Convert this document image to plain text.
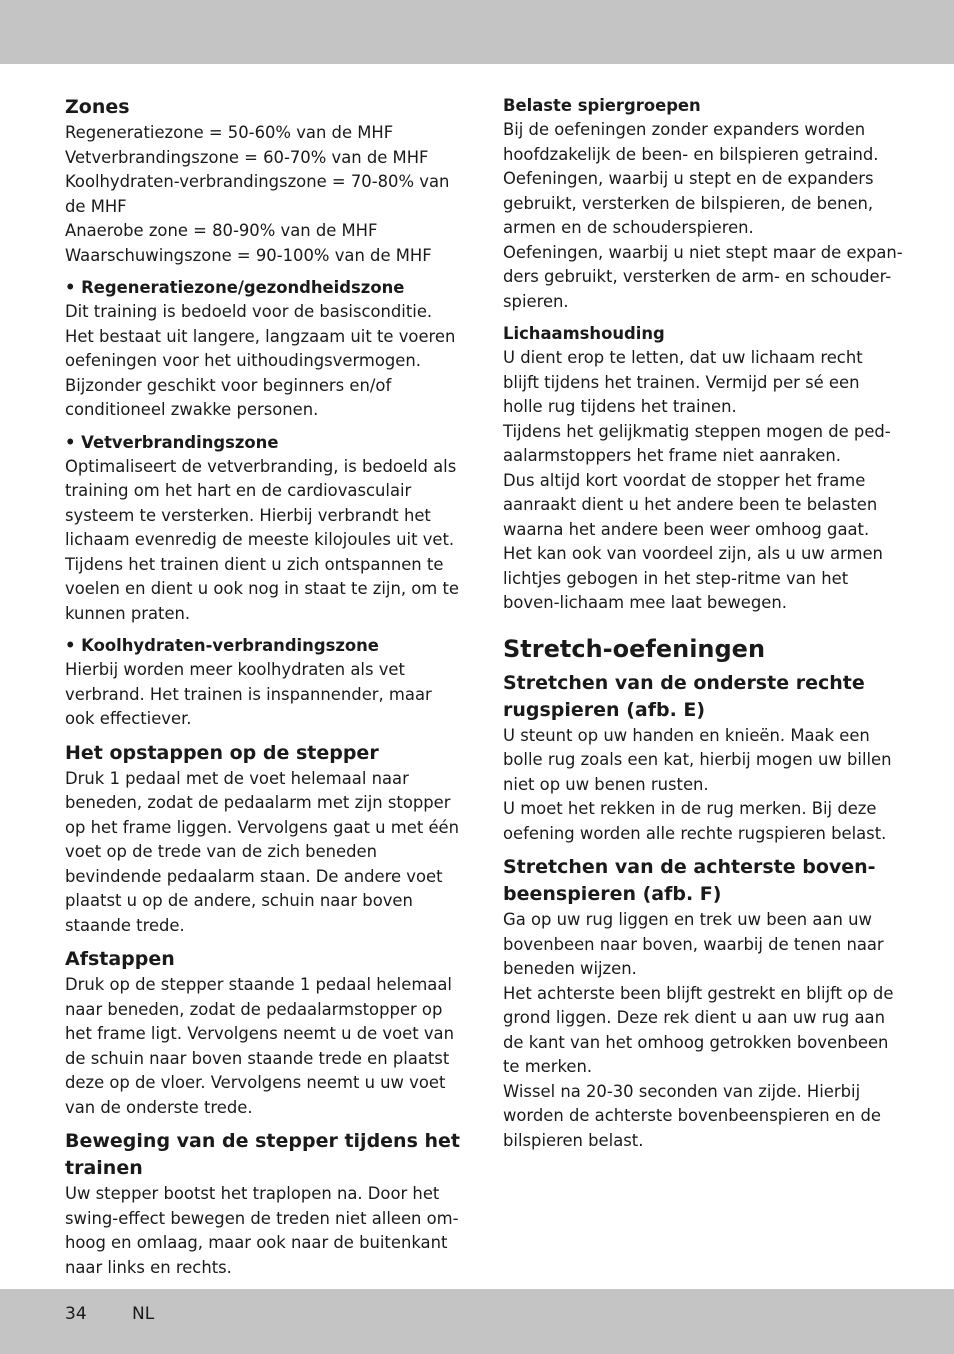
Zones

Regeneratiezone = 50-60% van de MHF

Vetverbrandingszone = 60-70% van de MHF

Koolhydraten-verbrandingszone = 70-80% van de MHF

Anaerobe zone = 80-90% van de MHF

Waarschuwingszone = 90-100% van de MHF

• Regeneratiezone/gezondheidszone

Dit training is bedoeld voor de basisconditie. Het bestaat uit langere, langzaam uit te voeren oefeningen voor het uithoudingsvermogen. Bijzonder geschikt voor beginners en/of conditioneel zwakke personen.

• Vetverbrandingszone

Optimaliseert de vetverbranding, is bedoeld als training om het hart en de cardiovasculair systeem te versterken. Hierbij verbrandt het lichaam evenredig de meeste kilojoules uit vet. Tijdens het trainen dient u zich ontspannen te voelen en dient u ook nog in staat te zijn, om te kunnen praten.

• Koolhydraten-verbrandingszone

Hierbij worden meer koolhydraten als vet verbrand. Het trainen is inspannender, maar ook effectiever.

Het opstappen op de stepper

Druk 1 pedaal met de voet helemaal naar beneden, zodat de pedaalarm met zijn stopper op het frame liggen. Vervolgens gaat u met één voet op de trede van de zich beneden bevindende pedaalarm staan. De andere voet plaatst u op de andere, schuin naar boven staande trede.

Afstappen

Druk op de stepper staande 1 pedaal helemaal naar beneden, zodat de pedaalarmstopper op het frame ligt. Vervolgens neemt u de voet van de schuin naar boven staande trede en plaatst deze op de vloer. Vervolgens neemt u uw voet van de onderste trede.

Beweging van de stepper tijdens het trainen

Uw stepper bootst het traplopen na. Door het swing-effect bewegen de treden niet alleen om-hoog en omlaag, maar ook naar de buitenkant naar links en rechts.

Belaste spiergroepen

Bij de oefeningen zonder expanders worden hoofdzakelijk de been- en bilspieren getraind.

Oefeningen, waarbij u stept en de expanders gebruikt, versterken de bilspieren, de benen, armen en de schouderspieren.

Oefeningen, waarbij u niet stept maar de expan-ders gebruikt, versterken de arm- en schouder-spieren.

Lichaamshouding

U dient erop te letten, dat uw lichaam recht blijft tijdens het trainen. Vermijd per sé een holle rug tijdens het trainen.

Tijdens het gelijkmatig steppen mogen de ped-aalarmstoppers het frame niet aanraken.

Dus altijd kort voordat de stopper het frame aanraakt dient u het andere been te belasten waarna het andere been weer omhoog gaat.

Het kan ook van voordeel zijn, als u uw armen lichtjes gebogen in het step-ritme van het boven-lichaam mee laat bewegen.

Stretch-oefeningen
Stretchen van de onderste rechte rugspieren (afb. E)

U steunt op uw handen en knieën. Maak een bolle rug zoals een kat, hierbij mogen uw billen niet op uw benen rusten.

U moet het rekken in de rug merken. Bij deze oefening worden alle rechte rugspieren belast.

Stretchen van de achterste boven-beenspieren (afb. F)

Ga op uw rug liggen en trek uw been aan uw bovenbeen naar boven, waarbij de tenen naar beneden wijzen.

Het achterste been blijft gestrekt en blijft op de grond liggen. Deze rek dient u aan uw rug aan de kant van het omhoog getrokken bovenbeen te merken.

Wissel na 20-30 seconden van zijde. Hierbij worden de achterste bovenbeenspieren en de bilspieren belast.

34	NL
